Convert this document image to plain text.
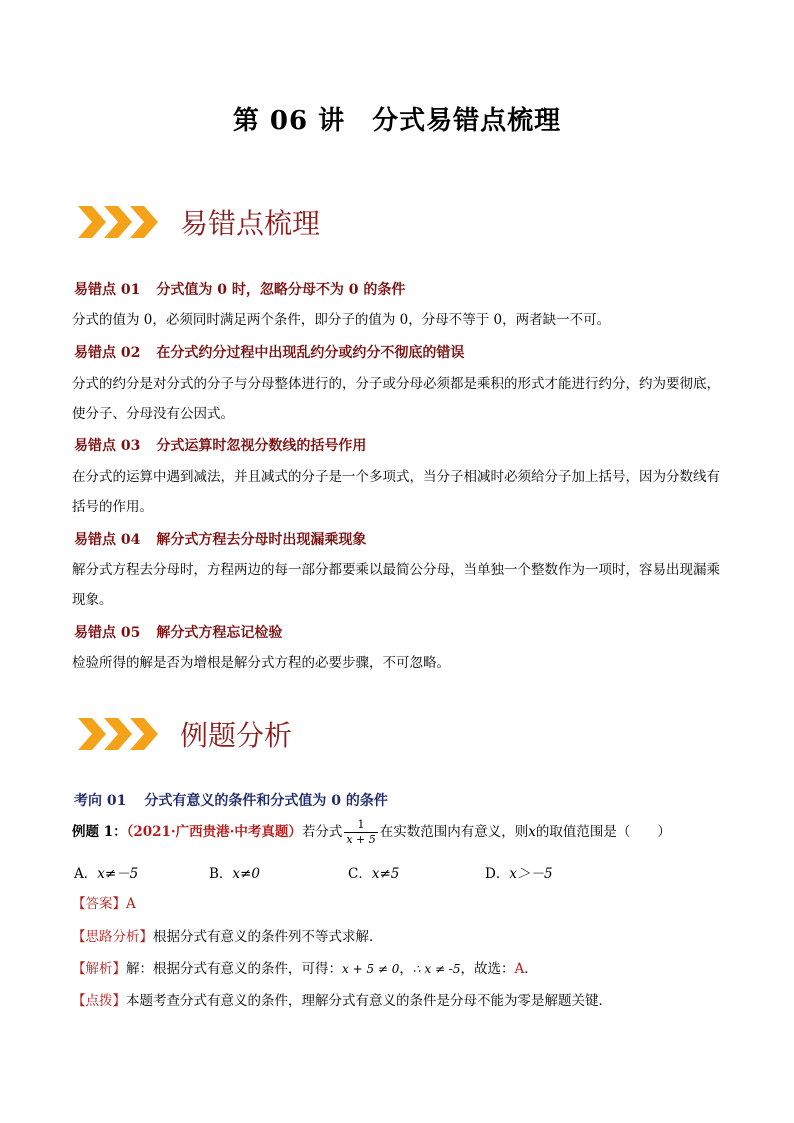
第 06 讲　分式易错点梳理
易错点梳理
易错点 01 分式值为 0 时，忽略分母不为 0 的条件
分式的值为 0，必须同时满足两个条件，即分子的值为 0，分母不等于 0，两者缺一不可。
易错点 02 在分式约分过程中出现乱约分或约分不彻底的错误
分式的约分是对分式的分子与分母整体进行的，分子或分母必须都是乘积的形式才能进行约分，约为要彻底，使分子、分母没有公因式。
易错点 03 分式运算时忽视分数线的括号作用
在分式的运算中遇到减法，并且减式的分子是一个多项式，当分子相减时必须给分子加上括号，因为分数线有括号的作用。
易错点 04 解分式方程去分母时出现漏乘现象
解分式方程去分母时，方程两边的每一部分都要乘以最简公分母，当单独一个整数作为一项时，容易出现漏乘现象。
易错点 05 解分式方程忘记检验
检验所得的解是否为增根是解分式方程的必要步骤，不可忽略。
例题分析
考向 01 分式有意义的条件和分式值为 0 的条件
例题 1：（2021·广西贵港·中考真题）若分式 $\frac{1}{x + 5}$ 在实数范围内有意义，则x的取值范围是（　　）
A．x≠－5	B．x≠0	C．x≠5	D．x＞－5
【答案】A
【思路分析】根据分式有意义的条件列不等式求解．
【解析】解：根据分式有意义的条件，可得：x + 5 ≠ 0，∴ x ≠ -5，故选：A．
【点拨】本题考查分式有意义的条件，理解分式有意义的条件是分母不能为零是解题关键．
